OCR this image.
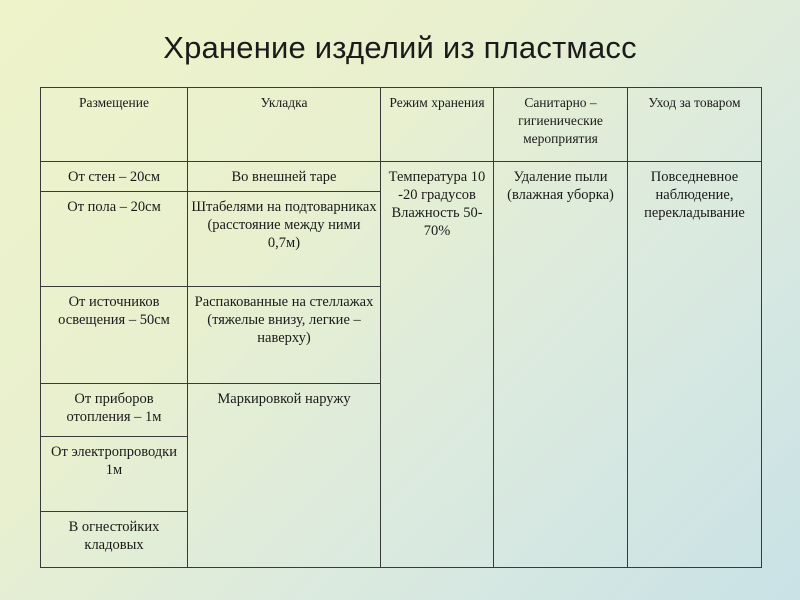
Хранение изделий из пластмасс
Размещение	Укладка	Режим хранения	Санитарно – гигиенические мероприятия	Уход за товаром
От стен – 20см	Во внешней таре	Температура 10 -20 градусов Влажность 50-70%	Удаление пыли (влажная уборка)	Повседневное наблюдение, перекладывание
От пола – 20см	Штабелями на подтоварниках (расстояние между ними 0,7м)			
От источников освещения – 50см	Распакованные на стеллажах (тяжелые внизу, легкие – наверху)			
От приборов отопления – 1м	Маркировкой наружу			
От электропроводки 1м				
В огнестойких кладовых				
